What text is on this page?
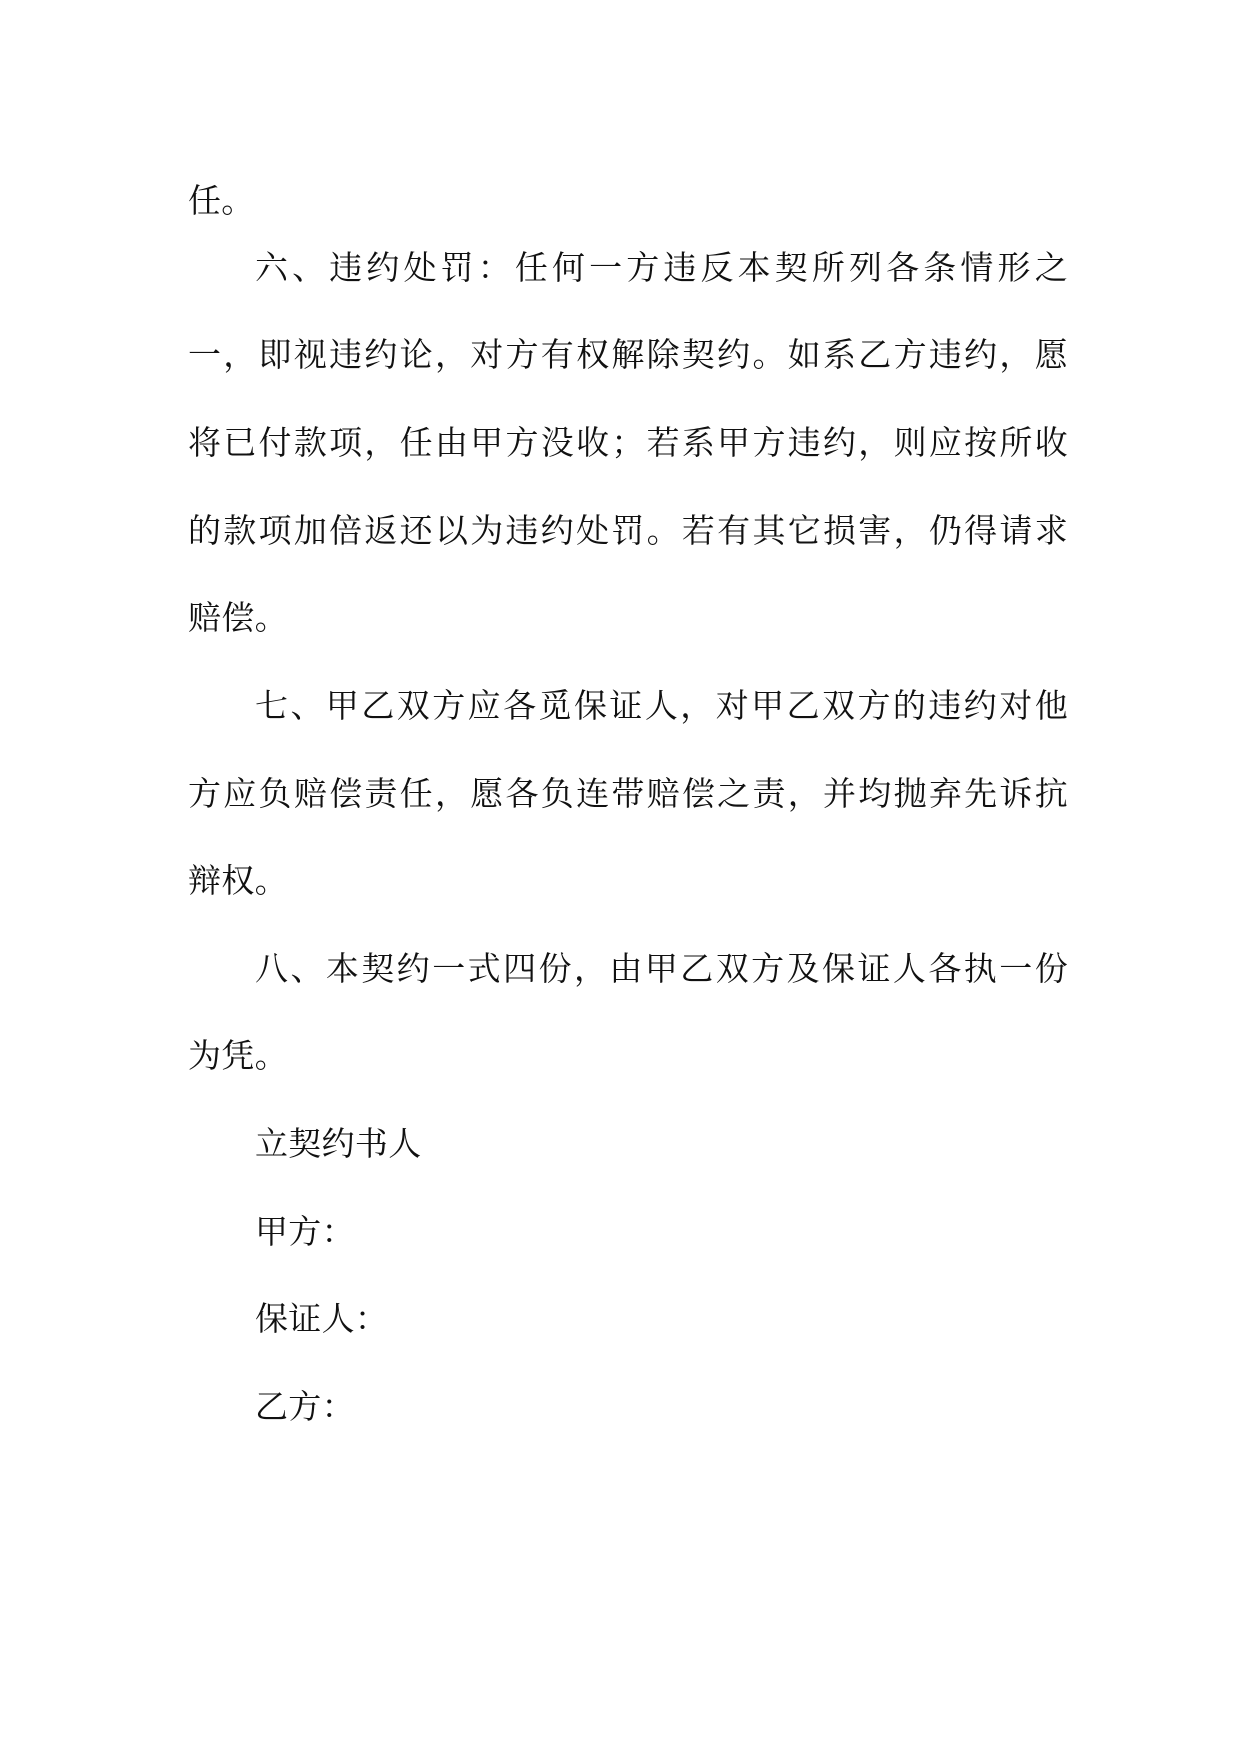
任。
六、违约处罚：任何一方违反本契所列各条情形之
一，即视违约论，对方有权解除契约。如系乙方违约，愿
将已付款项，任由甲方没收；若系甲方违约，则应按所收
的款项加倍返还以为违约处罚。若有其它损害，仍得请求
赔偿。
七、甲乙双方应各觅保证人，对甲乙双方的违约对他
方应负赔偿责任，愿各负连带赔偿之责，并均抛弃先诉抗
辩权。
八、本契约一式四份，由甲乙双方及保证人各执一份
为凭。
立契约书人
甲方：
保证人：
乙方：
